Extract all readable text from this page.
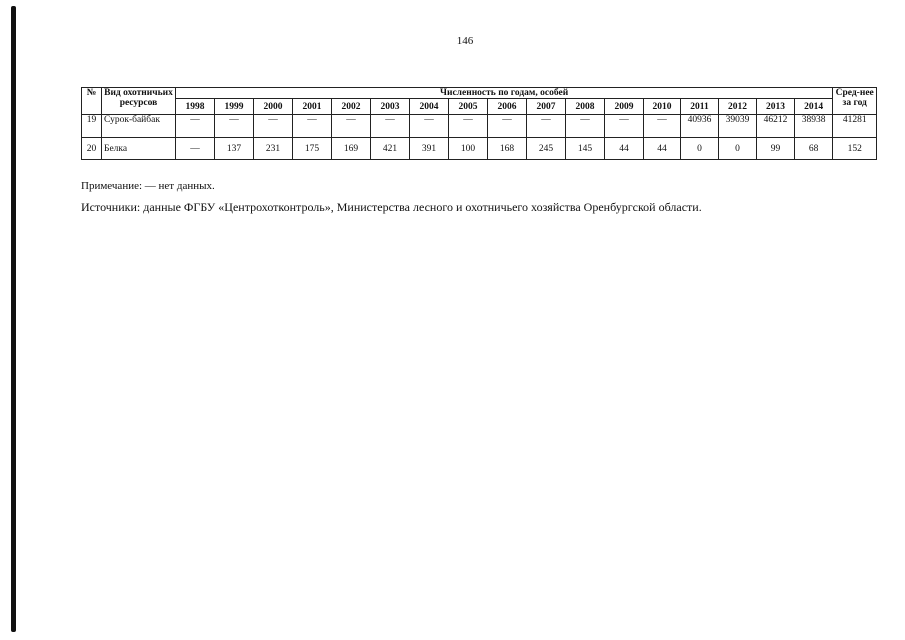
146
№	Вид охотничьих ресурсов	Численность по годам, особей																	Сред-нее за год
		1998	1999	2000	2001	2002	2003	2004	2005	2006	2007	2008	2009	2010	2011	2012	2013	2014	
19	Сурок-байбак	—	—	—	—	—	—	—	—	—	—	—	—	—	40936	39039	46212	38938	41281
20	Белка	—	137	231	175	169	421	391	100	168	245	145	44	44	0	0	99	68	152
Примечание: — нет данных.
Источники: данные ФГБУ «Центрохотконтроль», Министерства лесного и охотничьего хозяйства Оренбургской области.
